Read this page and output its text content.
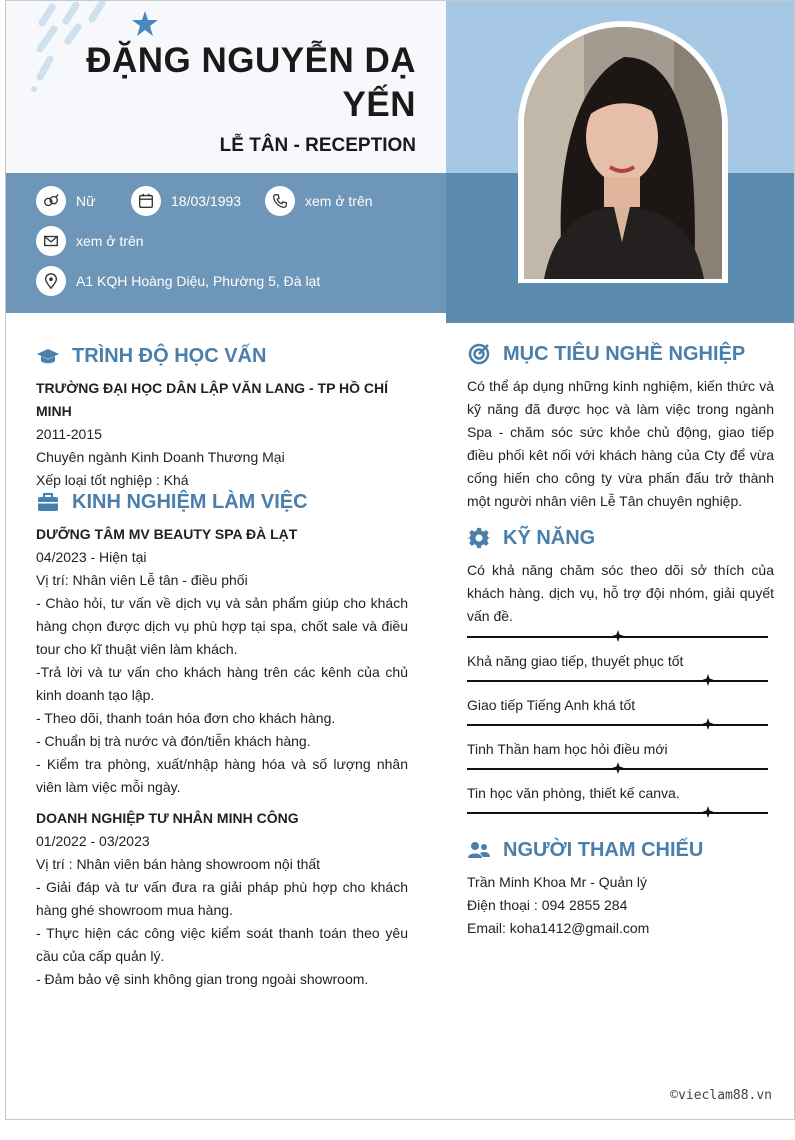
ĐẶNG NGUYỄN DẠ YẾN
LỄ TÂN - RECEPTION
Nữ	18/03/1993	xem ở trên
xem ở trên
A1 KQH Hoàng Diệu, Phường 5, Đà lạt
TRÌNH ĐỘ HỌC VẤN

TRƯỜNG ĐẠI HỌC DÂN LẬP VĂN LANG - TP HỒ CHÍ MINH

2011-2015

Chuyên ngành Kinh Doanh Thương Mại

Xếp loại tốt nghiệp : Khá

KINH NGHIỆM LÀM VIỆC

DƯỠNG TÂM MV BEAUTY SPA ĐÀ LẠT

04/2023 - Hiện tại

Vị trí: Nhân viên Lễ tân - điều phối

- Chào hỏi, tư vấn về dịch vụ và sản phẩm giúp cho khách hàng chọn được dịch vụ phù hợp tại spa, chốt sale và điều tour cho kĩ thuật viên làm khách.

-Trả lời và tư vấn cho khách hàng trên các kênh của chủ kinh doanh tạo lập.

- Theo dõi, thanh toán hóa đơn cho khách hàng.

- Chuẩn bị trà nước và đón/tiễn khách hàng.

- Kiểm tra phòng, xuất/nhập hàng hóa và số lượng nhân viên làm việc mỗi ngày.

DOANH NGHIỆP TƯ NHÂN MINH CÔNG

01/2022 - 03/2023

Vị trí : Nhân viên bán hàng showroom nội thất

- Giải đáp và tư vấn đưa ra giải pháp phù hợp cho khách hàng ghé showroom mua hàng.

- Thực hiện các công việc kiểm soát thanh toán theo yêu cầu của cấp quản lý.

- Đảm bảo vệ sinh không gian trong ngoài showroom.

MỤC TIÊU NGHỀ NGHIỆP

Có thể áp dụng những kinh nghiệm, kiến thức và kỹ năng đã được học và làm việc trong ngành Spa - chăm sóc sức khỏe chủ động, giao tiếp điều phối kêt nối với khách hàng của Cty để vừa cống hiến cho công ty vừa phấn đấu trở thành một người nhân viên Lễ Tân chuyên nghiệp.

KỸ NĂNG

Có khả năng chăm sóc theo dõi sở thích của khách hàng. dịch vụ, hỗ trợ đội nhóm, giải quyết vấn đề.

Khả năng giao tiếp, thuyết phục tốt
Giao tiếp Tiếng Anh khá tốt
Tinh Thần ham học hỏi điều mới
Tin học văn phòng, thiết kế canva.
NGƯỜI THAM CHIẾU

Trần Minh Khoa Mr - Quản lý

Điện thoại : 094 2855 284

Email: koha1412@gmail.com

©vieclam88.vn
